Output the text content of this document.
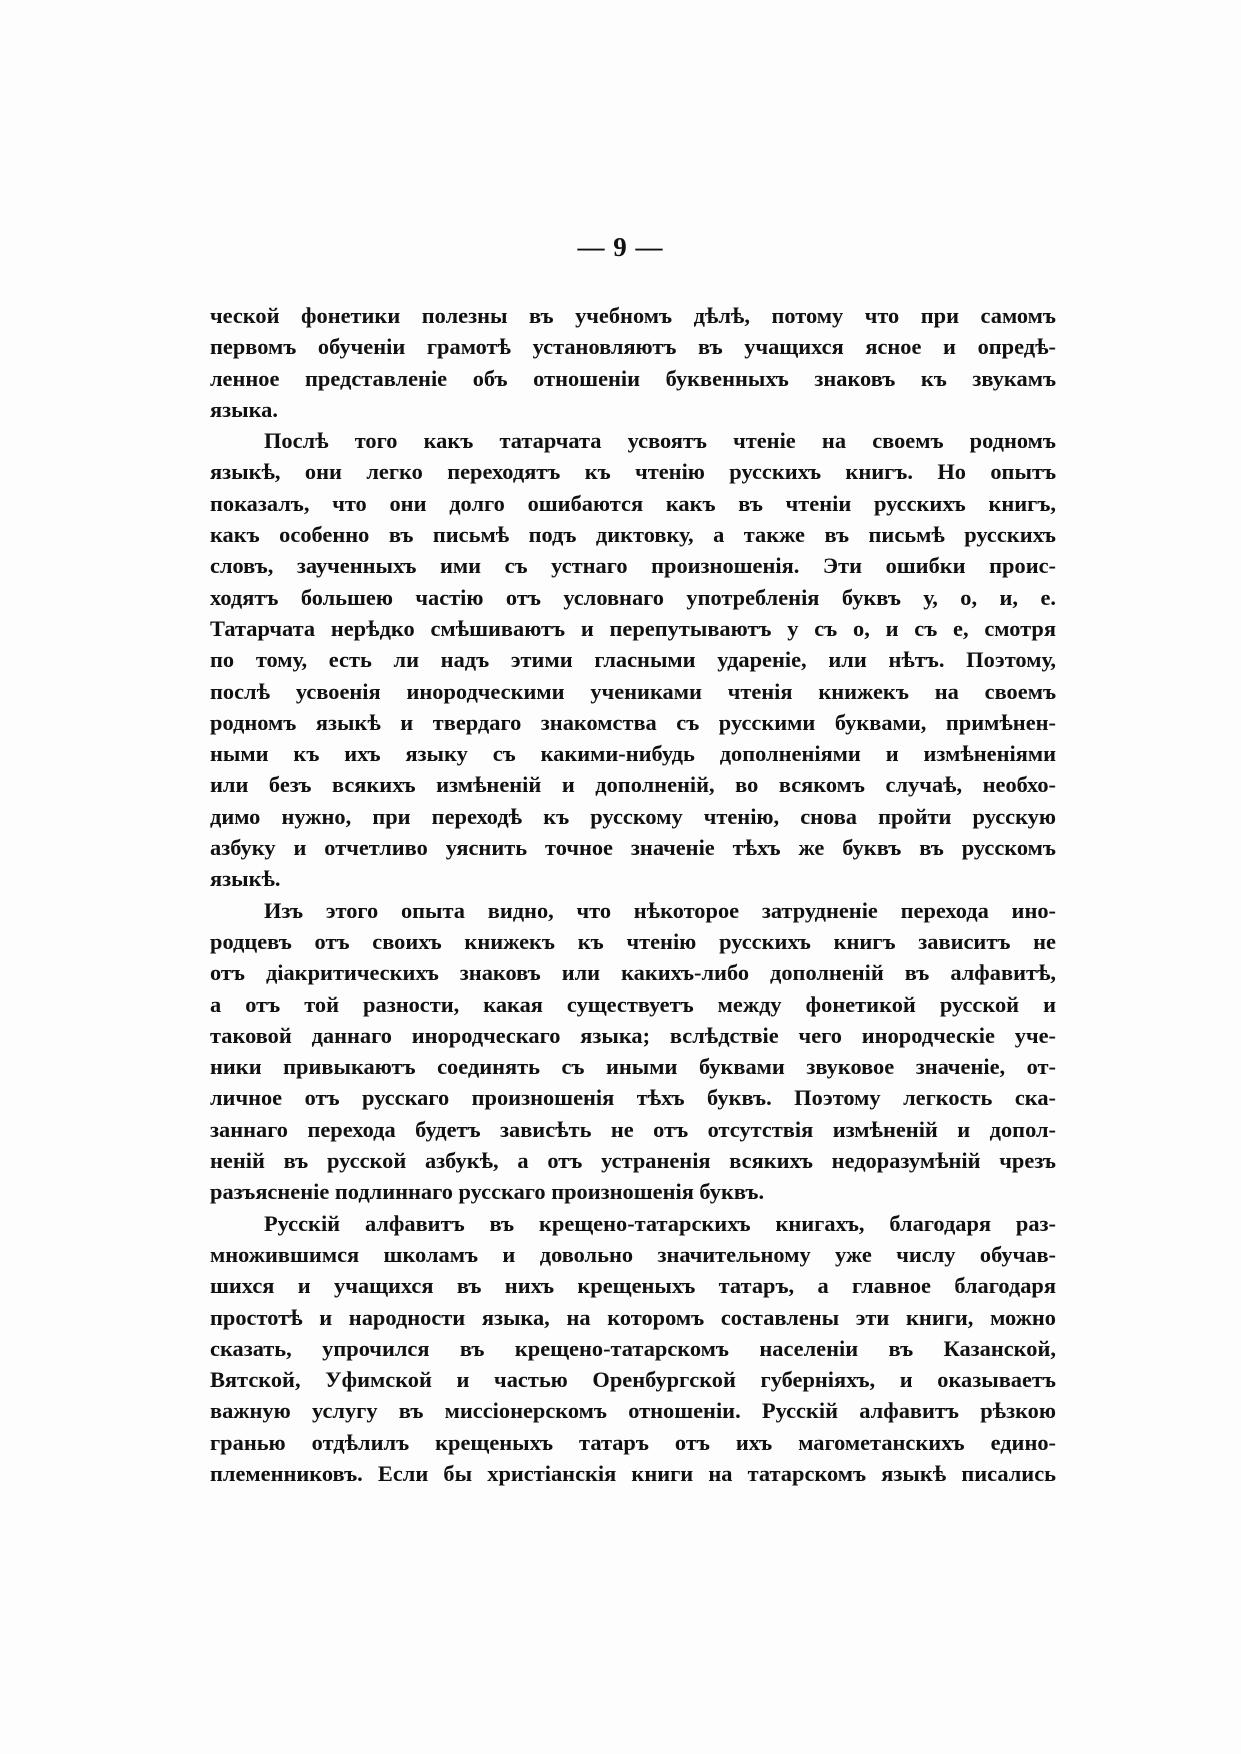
— 9 —

ческой фонетики полезны въ учебномъ дѣлѣ, потому что при самомъ
первомъ обученіи грамотѣ установляютъ въ учащихся ясное и опредѣ-
ленное представленіе объ отношеніи буквенныхъ знаковъ къ звукамъ
языка.

Послѣ того какъ татарчата усвоятъ чтеніе на своемъ родномъ
языкѣ, они легко переходятъ къ чтенію русскихъ книгъ. Но опытъ
показалъ, что они долго ошибаются какъ въ чтеніи русскихъ книгъ,
какъ особенно въ письмѣ подъ диктовку, а также въ письмѣ русскихъ
словъ, заученныхъ ими съ устнаго произношенія. Эти ошибки проис-
ходятъ большею частію отъ условнаго употребленія буквъ у, о, и, е.
Татарчата нерѣдко смѣшиваютъ и перепутываютъ у съ о, и съ е, смотря
по тому, есть ли надъ этими гласными удареніе, или нѣтъ. Поэтому,
послѣ усвоенія инородческими учениками чтенія книжекъ на своемъ
родномъ языкѣ и твердаго знакомства съ русскими буквами, примѣнен-
ными къ ихъ языку съ какими-нибудь дополненіями и измѣненіями
или безъ всякихъ измѣненій и дополненій, во всякомъ случаѣ, необхо-
димо нужно, при переходѣ къ русскому чтенію, снова пройти русскую
азбуку и отчетливо уяснить точное значеніе тѣхъ же буквъ въ русскомъ
языкѣ.

Изъ этого опыта видно, что нѣкоторое затрудненіе перехода ино-
родцевъ отъ своихъ книжекъ къ чтенію русскихъ книгъ зависитъ не
отъ діакритическихъ знаковъ или какихъ-либо дополненій въ алфавитѣ,
а отъ той разности, какая существуетъ между фонетикой русской и
таковой даннаго инородческаго языка; вслѣдствіе чего инородческіе уче-
ники привыкаютъ соединять съ иными буквами звуковое значеніе, от-
личное отъ русскаго произношенія тѣхъ буквъ. Поэтому легкость ска-
заннаго перехода будетъ зависѣть не отъ отсутствія измѣненій и допол-
неній въ русской азбукѣ, а отъ устраненія всякихъ недоразумѣній чрезъ
разъясненіе подлиннаго русскаго произношенія буквъ.

Русскій алфавитъ въ крещено-татарскихъ книгахъ, благодаря раз-
множившимся школамъ и довольно значительному уже числу обучав-
шихся и учащихся въ нихъ крещеныхъ татаръ, а главное благодаря
простотѣ и народности языка, на которомъ составлены эти книги, можно
сказать, упрочился въ крещено-татарскомъ населеніи въ Казанской,
Вятской, Уфимской и частью Оренбургской губерніяхъ, и оказываетъ
важную услугу въ миссіонерскомъ отношеніи. Русскій алфавитъ рѣзкою
гранью отдѣлилъ крещеныхъ татаръ отъ ихъ магометанскихъ едино-
племенниковъ. Если бы христіанскія книги на татарскомъ языкѣ писались
